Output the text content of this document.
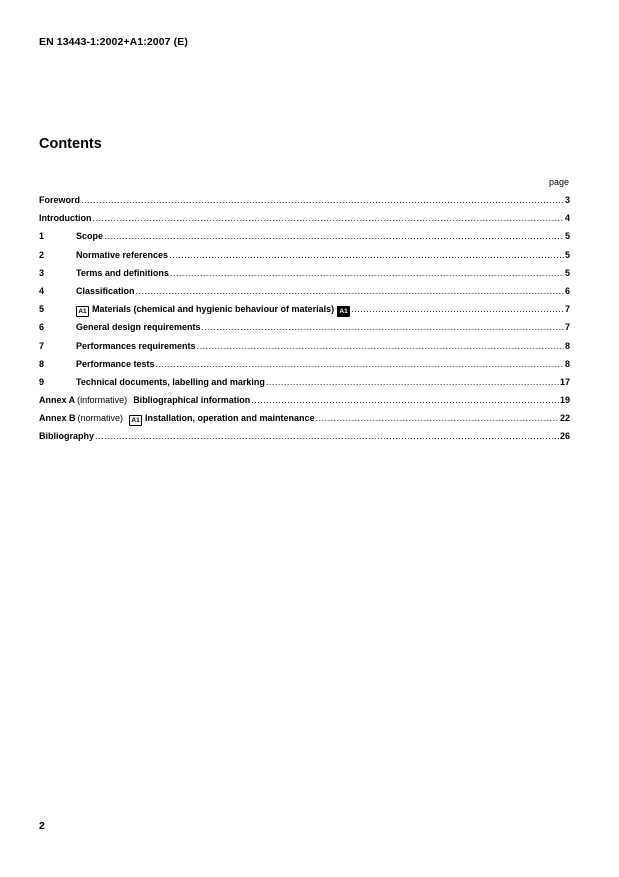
EN 13443-1:2002+A1:2007 (E)
Contents
page
Foreword .....	3
Introduction .....	4
1	Scope .....	5
2	Normative references .....	5
3	Terms and definitions .....	5
4	Classification .....	6
5	A1 Materials (chemical and hygienic behaviour of materials) A1 .....	7
6	General design requirements .....	7
7	Performances requirements .....	8
8	Performance tests .....	8
9	Technical documents, labelling and marking .....	17
Annex A (informative) Bibliographical information .....	19
Annex B (normative)	A1 Installation, operation and maintenance .....	22
Bibliography .....	26
2
